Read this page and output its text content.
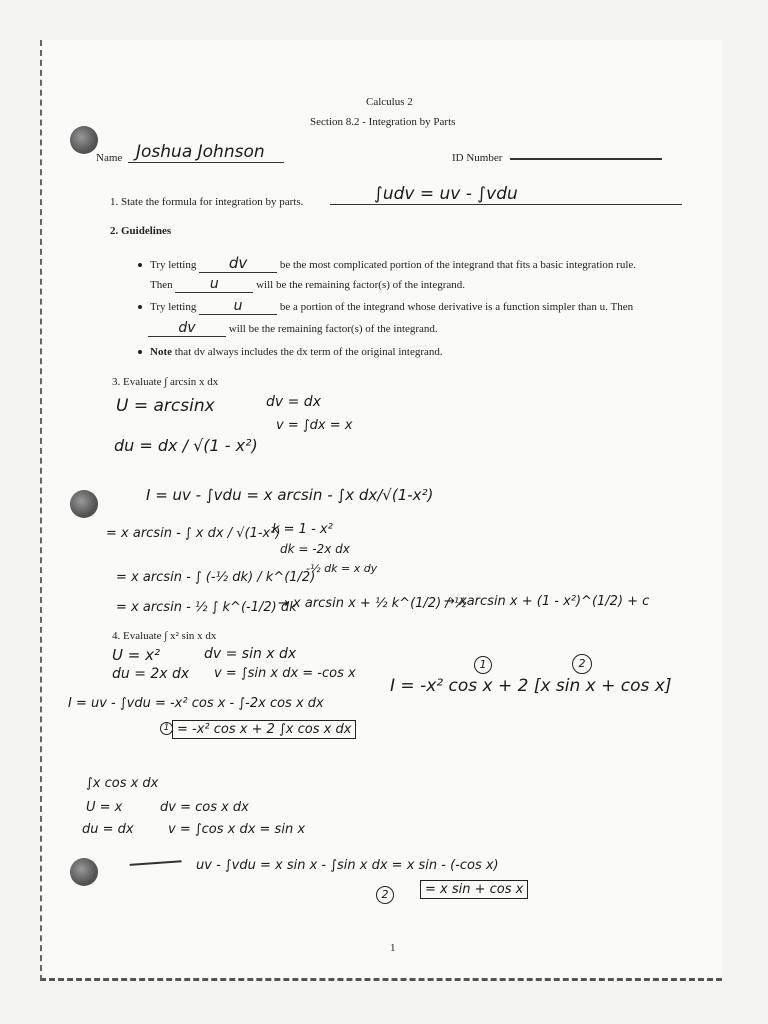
Calculus 2
Section 8.2 - Integration by Parts
Name Joshua Johnson	ID Number
1. State the formula for integration by parts.	∫udv = uv - ∫vdu
2. Guidelines
Try letting dv	be the most complicated portion of the integrand that fits a basic integration rule.
Then	u	will be the remaining factor(s) of the integrand.
Try letting	u	be a portion of the integrand whose derivative is a function simpler than u. Then
dv	will be the remaining factor(s) of the integrand.
Note that dv always includes the dx term of the original integrand.
3. Evaluate ∫ arcsin x dx
U = arcsinx	dv = dx
v = ∫dx = x
du = dx / √(1 - x²)
I = uv - ∫vdu = x arcsin - ∫x dx/√(1-x²)
= x arcsin - ∫ x dx / √(1-x²)
k = 1 - x²
dk = -2x dx
= x arcsin - ∫ (-½ dk) / k^(1/2)
-½ dk = x dy
= x arcsin - ½ ∫ k^(-1/2) dk
→ x arcsin x + ½ k^(1/2) / ½
→ xarcsin x + (1 - x²)^(1/2) + c
4. Evaluate ∫ x² sin x dx
U = x²	dv = sin x dx
du = 2x dx v = ∫sin x dx = -cos x
I = uv - ∫vdu = -x² cos x - ∫-2x cos x dx
= -x² cos x + 2 ∫x cos x dx
1
I = -x² cos x + 2 [x sin x + cos x]
1	2
∫x cos x dx
U = x	dv = cos x dx
du = dx	v = ∫cos x dx = sin x
uv - ∫vdu = x sin x - ∫sin x dx = x sin - (-cos x)
2	= x sin + cos x
1
